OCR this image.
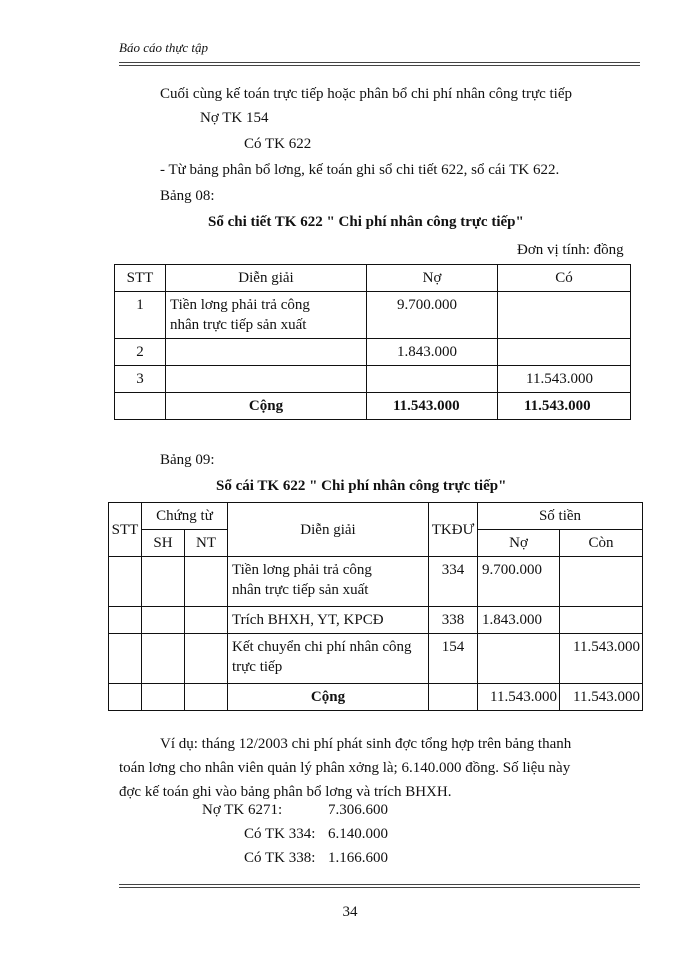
Báo cáo thực tập
Cuối cùng kế toán trực tiếp hoặc phân bổ chi phí nhân công trực tiếp
Nợ TK 154
Có TK 622
- Từ bảng phân bổ lơng, kế toán ghi sổ chi tiết 622, sổ cái TK 622.
Bảng 08:
Sổ chi tiết TK 622 " Chi phí nhân công trực tiếp"
Đơn vị tính: đồng
STT	Diễn giải	Nợ	Có
1	Tiền lơng phải trả công
nhân trực tiếp sản xuất	9.700.000	
2		1.843.000	
3			11.543.000
	Cộng	11.543.000	11.543.000
Bảng 09:
Sổ cái TK 622 " Chi phí nhân công trực tiếp"
STT	Chứng từ		Diễn giải	TKĐƯ	Số tiền	
	SH	NT			Nợ	Còn

			Tiền lơng phải trả công
nhân trực tiếp sản xuất	334	9.700.000	
			Trích BHXH, YT, KPCĐ	338	1.843.000	

			Kết chuyển chi phí nhân công
trực tiếp	154		11.543.000
			Cộng		11.543.000	11.543.000
Ví dụ: tháng 12/2003 chi phí phát sinh đợc tổng hợp trên bảng thanh
toán lơng cho nhân viên quản lý phân xởng là; 6.140.000 đồng. Số liệu này
đợc kế toán ghi vào bảng phân bổ lơng và trích BHXH.
Nợ TK 6271:	7.306.600
Có TK 334: 6.140.000
Có TK 338: 1.166.600
34
